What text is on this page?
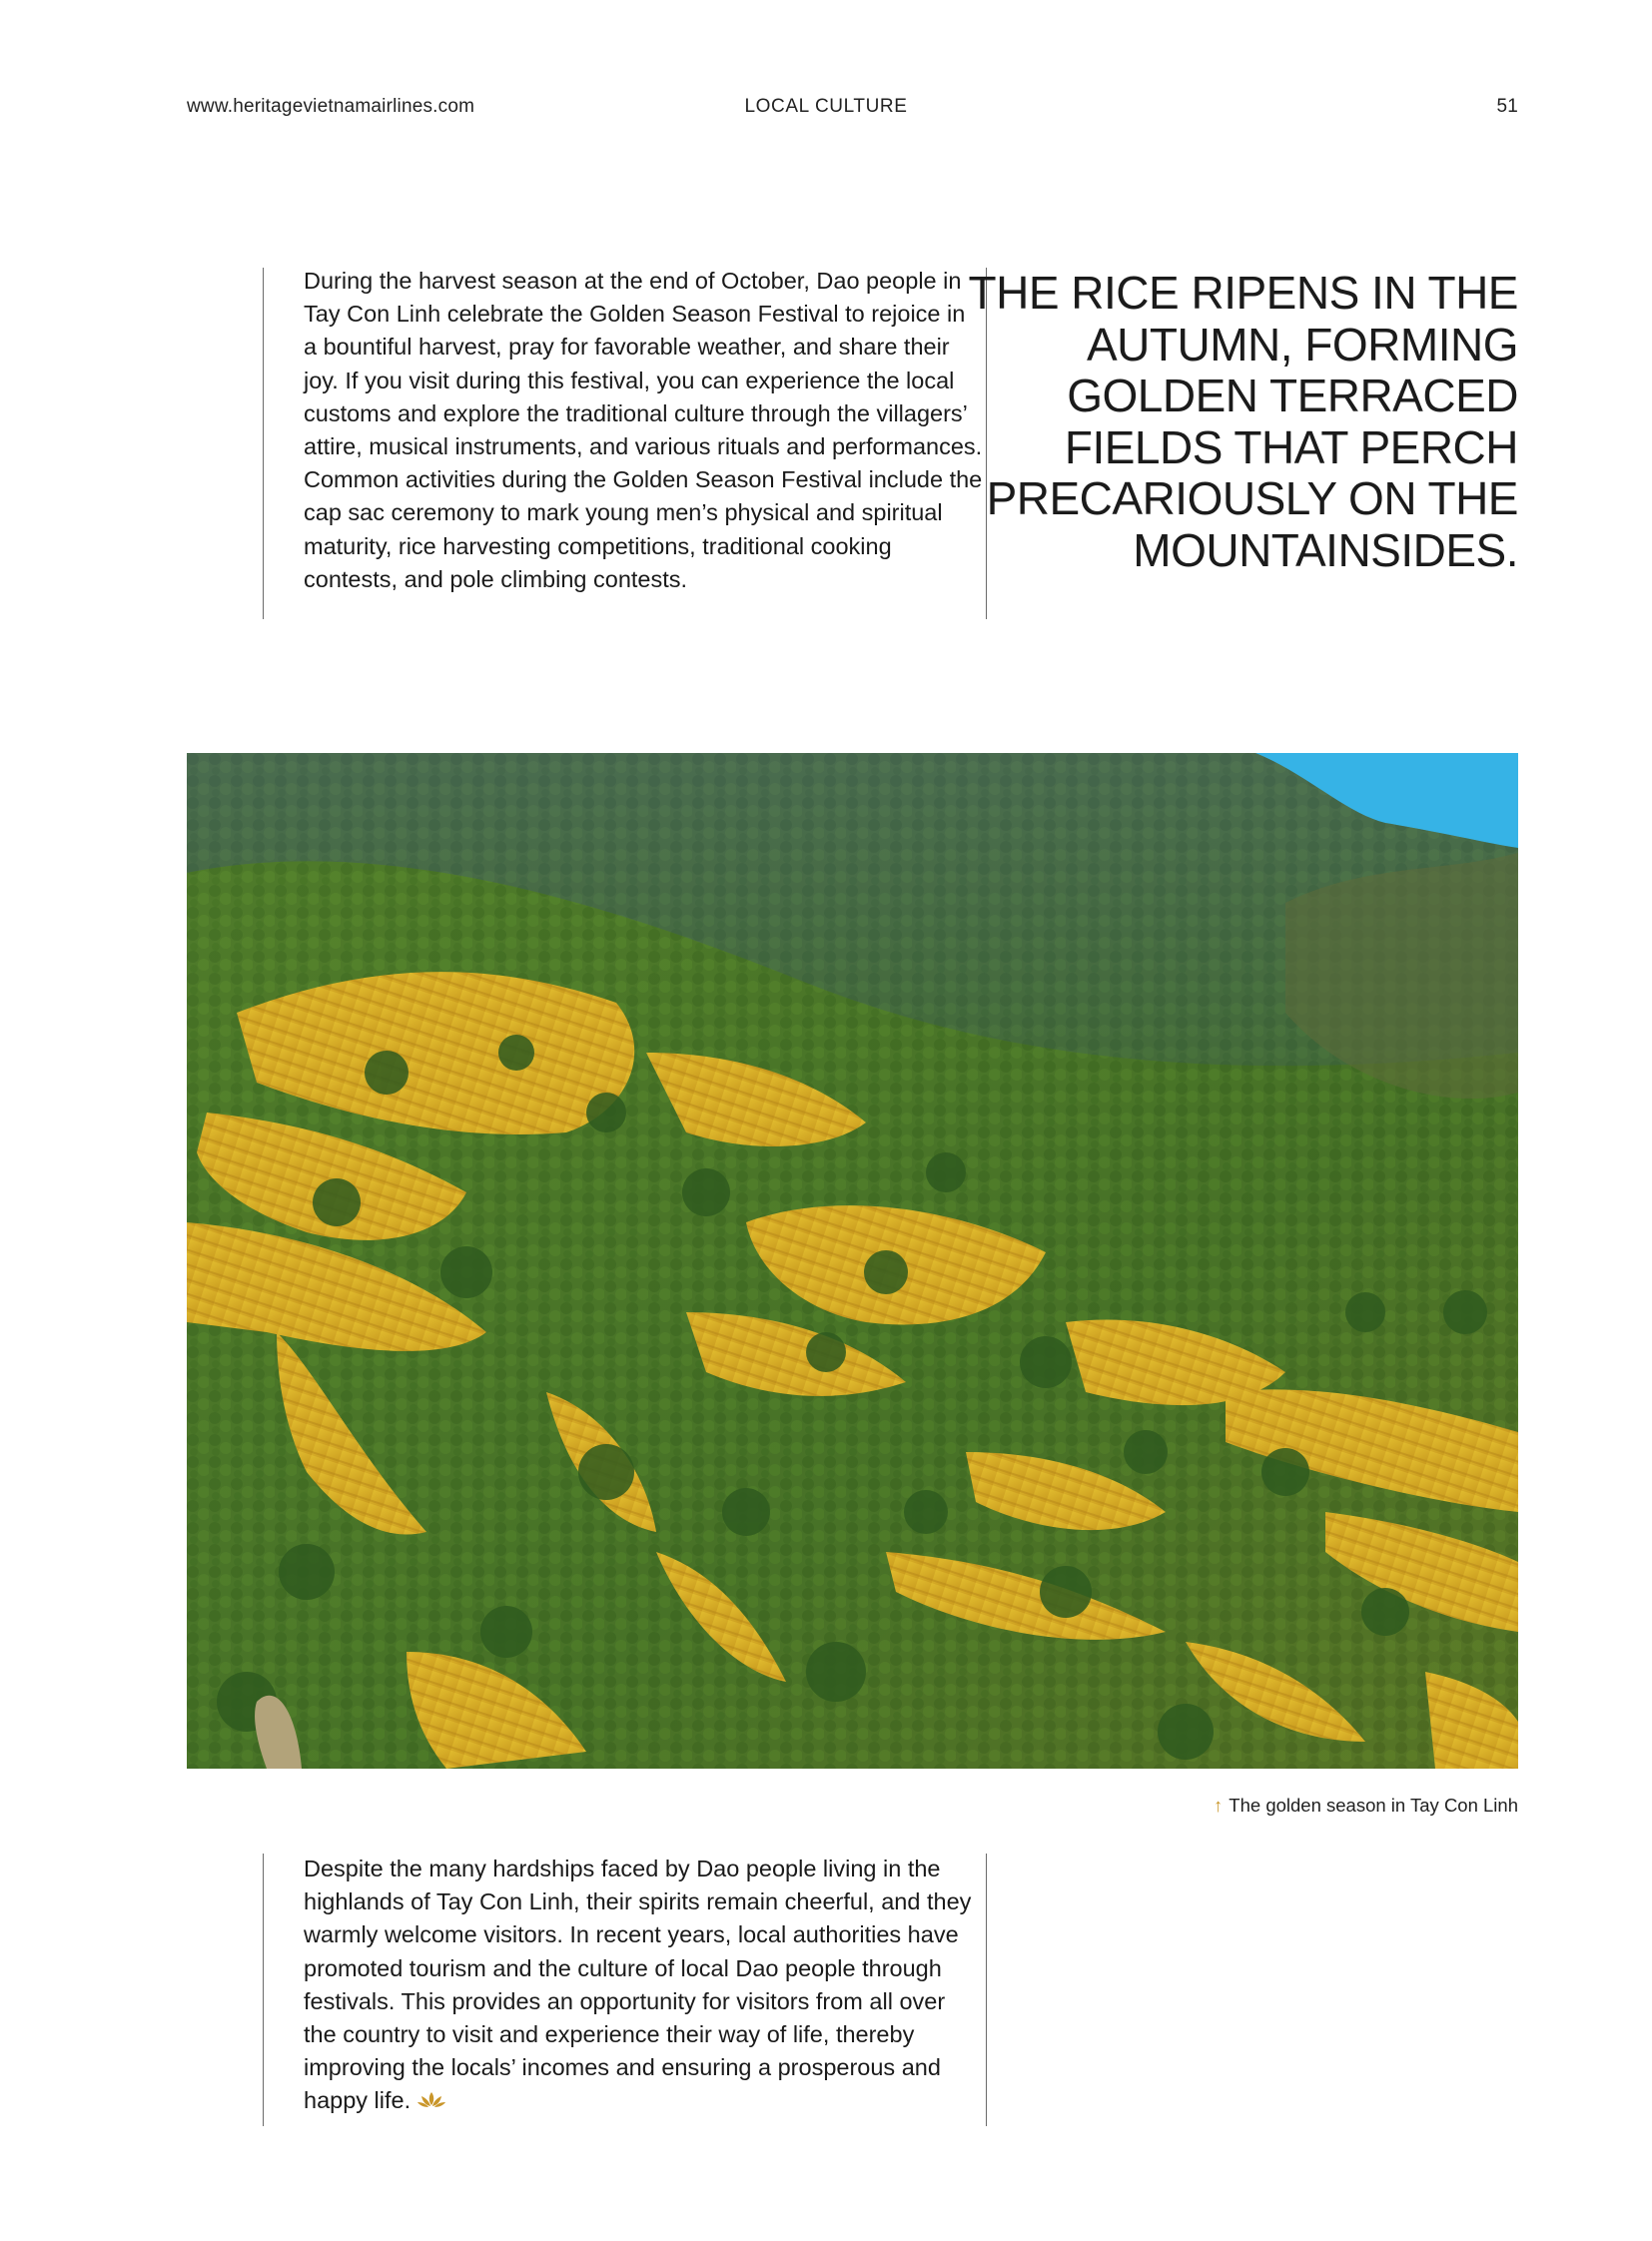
www.heritagevietnamairlines.com	LOCAL CULTURE	51

During the harvest season at the end of October, Dao people in Tay Con Linh celebrate the Golden Season Festival to rejoice in a bountiful harvest, pray for favorable weather, and share their joy. If you visit during this festival, you can experience the local customs and explore the traditional culture through the villagers’ attire, musical instruments, and various rituals and performances. Common activities during the Golden Season Festival include the cap sac ceremony to mark young men’s physical and spiritual maturity, rice harvesting competitions, traditional cooking contests, and pole climbing contests.

THE RICE RIPENS IN THE AUTUMN, FORMING GOLDEN TERRACED FIELDS THAT PERCH PRECARIOUSLY ON THE MOUNTAINSIDES.
↑ The golden season in Tay Con Linh

Despite the many hardships faced by Dao people living in the highlands of Tay Con Linh, their spirits remain cheerful, and they warmly welcome visitors. In recent years, local authorities have promoted tourism and the culture of local Dao people through festivals. This provides an opportunity for visitors from all over the country to visit and experience their way of life, thereby improving the locals’ incomes and ensuring a prosperous and happy life.
